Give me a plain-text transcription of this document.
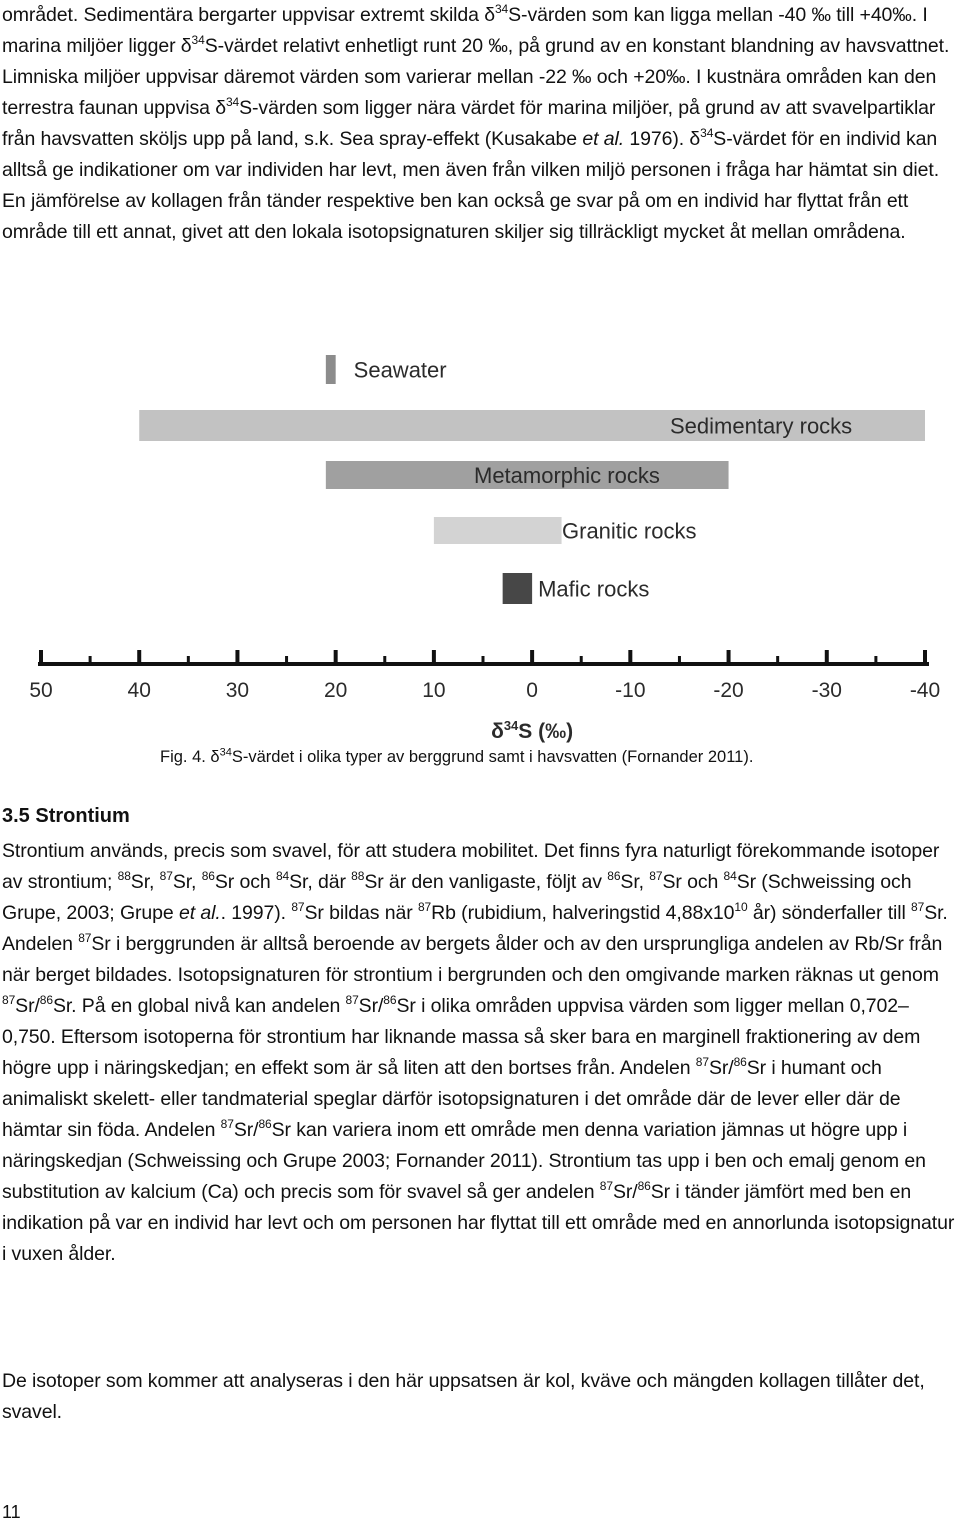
området. Sedimentära bergarter uppvisar extremt skilda $\delta^{34}S$-värden som kan ligga mellan -40 ‰ till +40‰. I marina miljöer ligger $\delta^{34}S$-värdet relativt enhetligt runt 20 ‰, på grund av en konstant blandning av havsvattnet. Limniska miljöer uppvisar däremot värden som varierar mellan -22 ‰ och +20‰. I kustnära områden kan den terrestra faunan uppvisa $\delta^{34}S$-värden som ligger nära värdet för marina miljöer, på grund av att svavelpartiklar från havsvatten sköljs upp på land, s.k. Sea spray-effekt (Kusakabe et al. 1976). $\delta^{34}S$-värdet för en individ kan alltså ge indikationer om var individen har levt, men även från vilken miljö personen i fråga har hämtat sin diet. En jämförelse av kollagen från tänder respektive ben kan också ge svar på om en individ har flyttat från ett område till ett annat, givet att den lokala isotopsignaturen skiljer sig tillräckligt mycket åt mellan områdena.

Seawater
Sedimentary rocks
Metamorphic rocks
Granitic rocks
Mafic rocks
50	40	30	20	10	0	-10	-20	-30	-40
$\delta^{34}S$ (‰)
Fig. 4. $\delta^{34}S$-värdet i olika typer av berggrund samt i havsvatten (Fornander 2011).
3.5 Strontium

Strontium används, precis som svavel, för att studera mobilitet. Det finns fyra naturligt förekommande isotoper av strontium; $^{88}$Sr, $^{87}$Sr, $^{86}$Sr och $^{84}$Sr, där $^{88}$Sr är den vanligaste, följt av $^{86}$Sr, $^{87}$Sr och $^{84}$Sr (Schweissing och Grupe, 2003; Grupe et al.. 1997). $^{87}$Sr bildas när $^{87}$Rb (rubidium, halveringstid $4,88x10^{10}$ år) sönderfaller till $^{87}$Sr. Andelen $^{87}$Sr i berggrunden är alltså beroende av bergets ålder och av den ursprungliga andelen av Rb/Sr från när berget bildades. Isotopsignaturen för strontium i bergrunden och den omgivande marken räknas ut genom $^{87}$Sr/$^{86}$Sr. På en global nivå kan andelen $^{87}$Sr/$^{86}$Sr i olika områden uppvisa värden som ligger mellan 0,702–0,750. Eftersom isotoperna för strontium har liknande massa så sker bara en marginell fraktionering av dem högre upp i näringskedjan; en effekt som är så liten att den bortses från. Andelen $^{87}$Sr/$^{86}$Sr i humant och animaliskt skelett- eller tandmaterial speglar därför isotopsignaturen i det område där de lever eller där de hämtar sin föda. Andelen $^{87}$Sr/$^{86}$Sr kan variera inom ett område men denna variation jämnas ut högre upp i näringskedjan (Schweissing och Grupe 2003; Fornander 2011). Strontium tas upp i ben och emalj genom en substitution av kalcium (Ca) och precis som för svavel så ger andelen $^{87}$Sr/$^{86}$Sr i tänder jämfört med ben en indikation på var en individ har levt och om personen har flyttat till ett område med en annorlunda isotopsignatur i vuxen ålder.

De isotoper som kommer att analyseras i den här uppsatsen är kol, kväve och mängden kollagen tillåter det, svavel.

11
